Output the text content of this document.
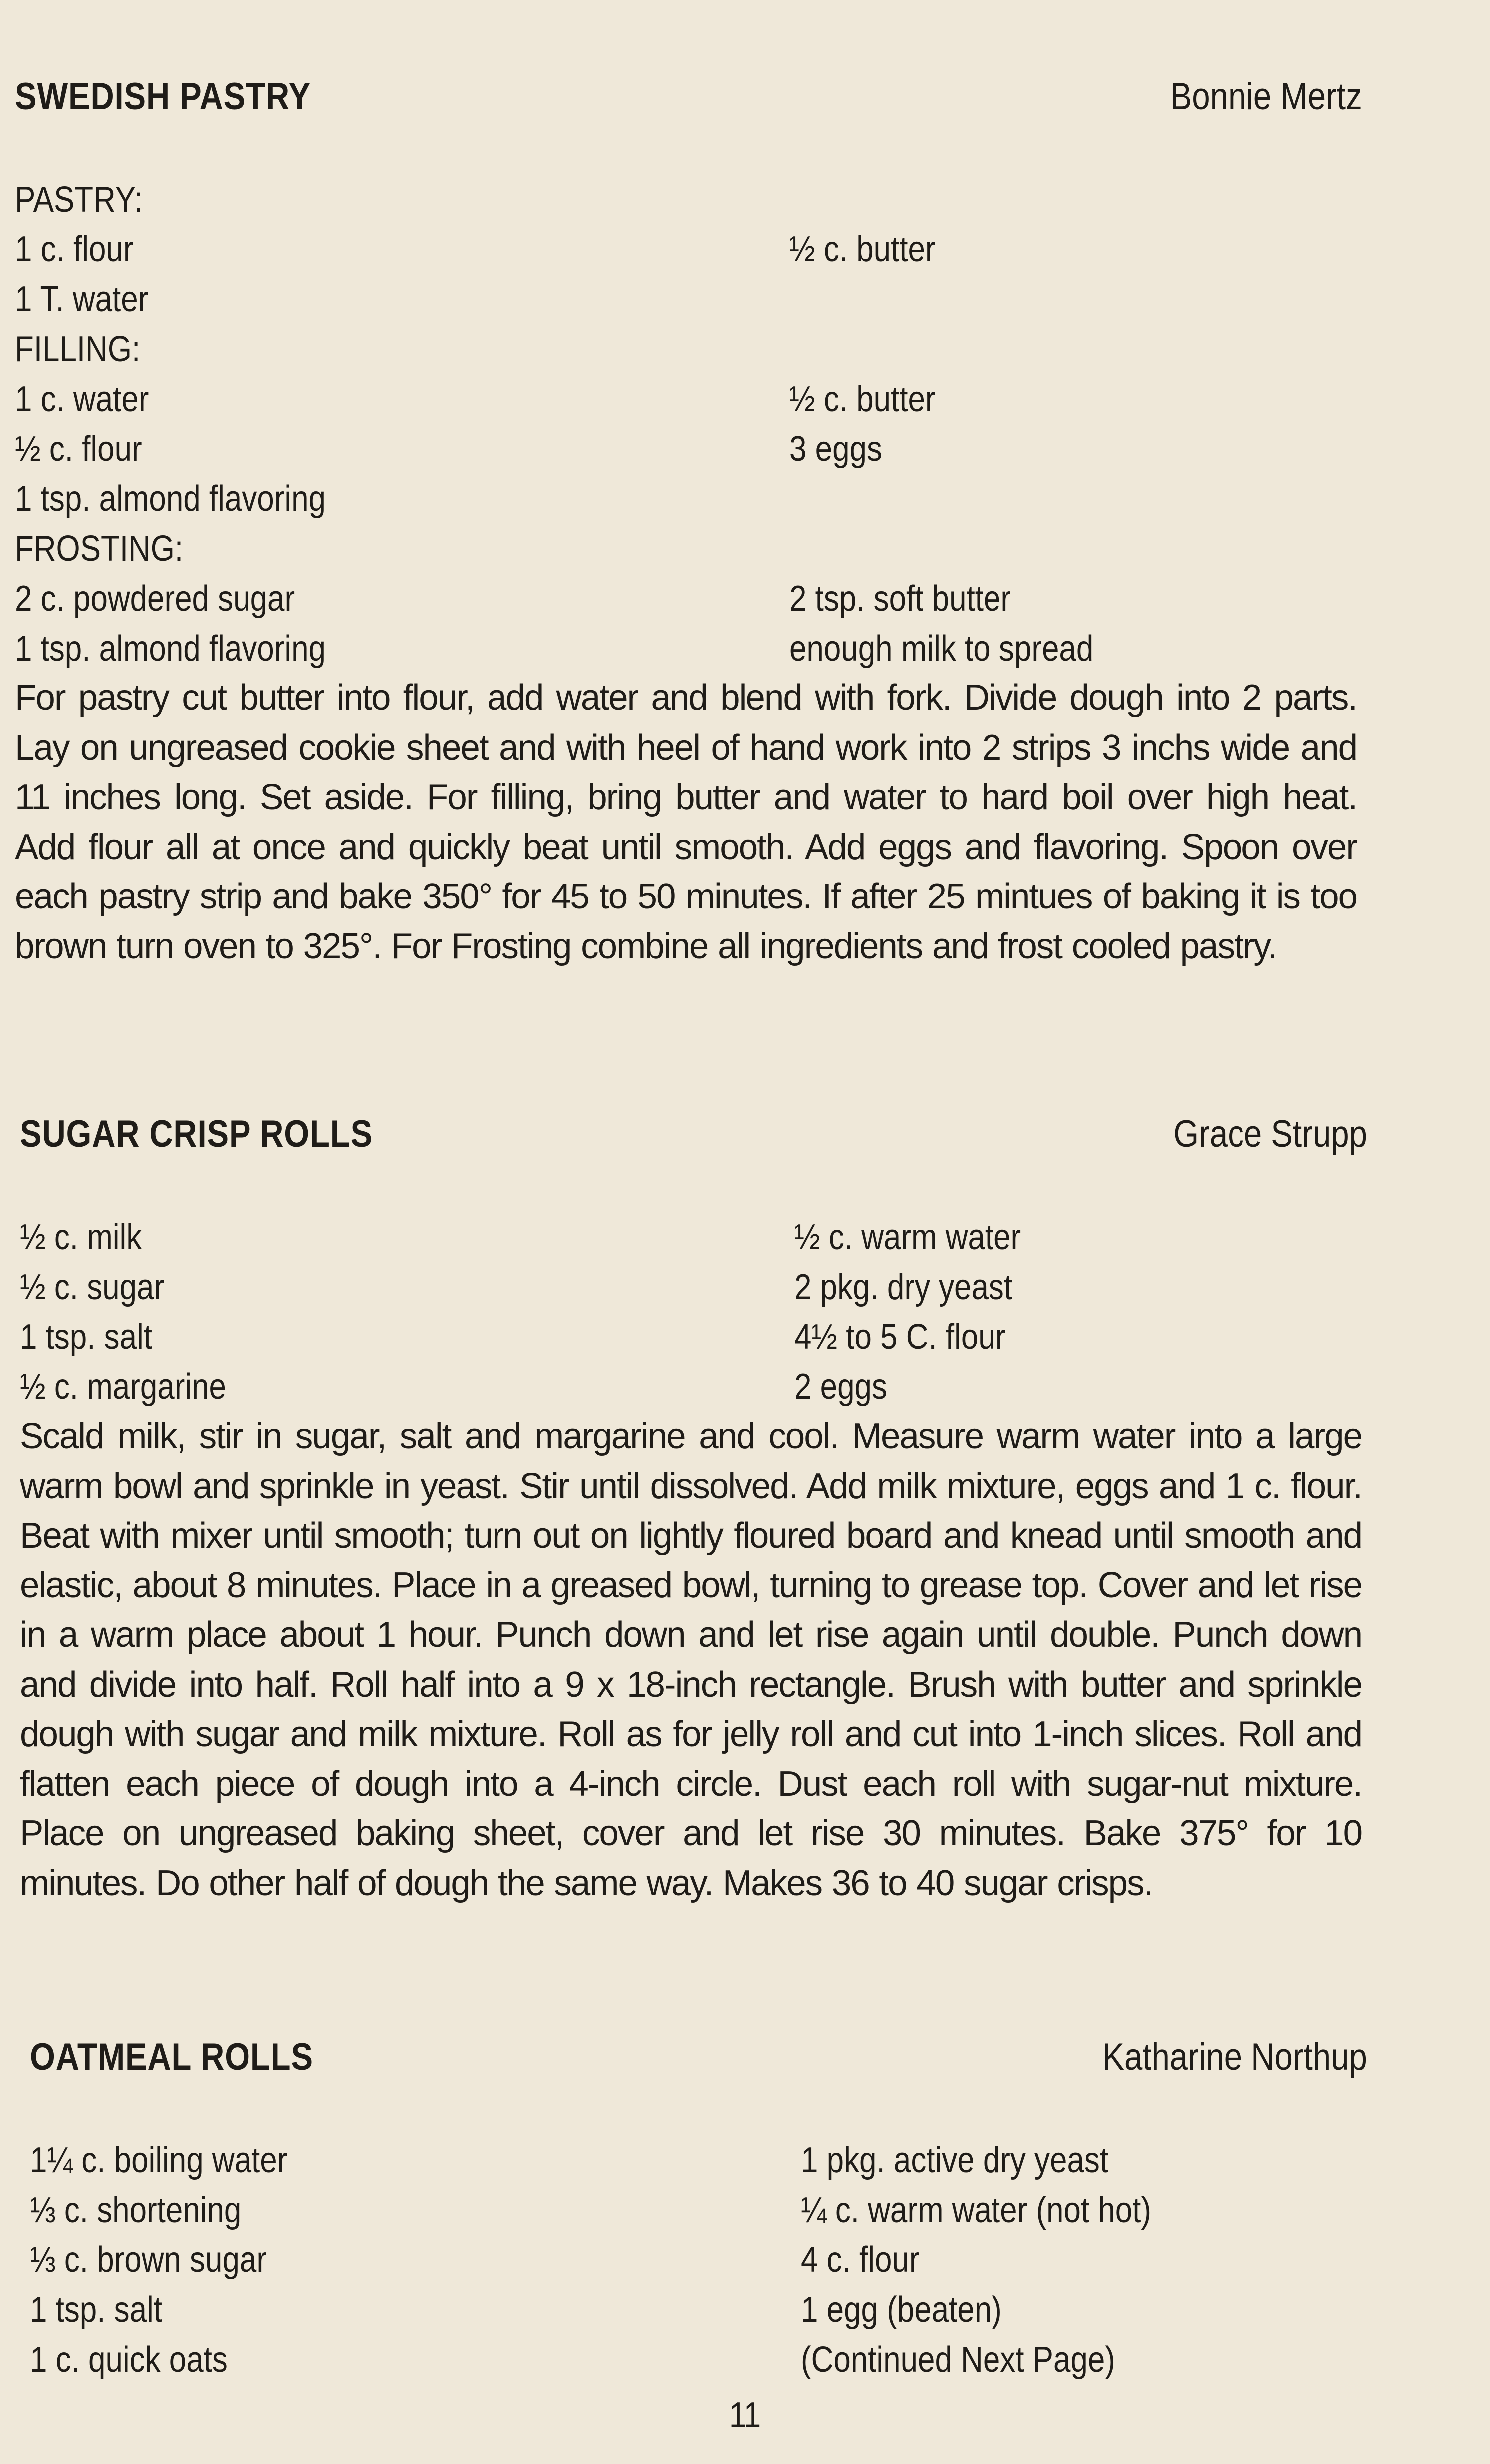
SWEDISH PASTRY	Bonnie Mertz
PASTRY:
1 c. flour	½ c. butter
1 T. water
FILLING:
1 c. water	½ c. butter
½ c. flour	3 eggs
1 tsp. almond flavoring
FROSTING:
2 c. powdered sugar	2 tsp. soft butter
1 tsp. almond flavoring	enough milk to spread
For pastry cut butter into flour, add water and blend with fork. Divide dough into 2 parts. Lay on ungreased cookie sheet and with heel of hand work into 2 strips 3 inchs wide and 11 inches long. Set aside. For filling, bring butter and water to hard boil over high heat. Add flour all at once and quickly beat until smooth. Add eggs and flavoring. Spoon over each pastry strip and bake 350° for 45 to 50 minutes. If after 25 mintues of baking it is too brown turn oven to 325°. For Frosting combine all ingredients and frost cooled pastry.
SUGAR CRISP ROLLS	Grace Strupp
½ c. milk	½ c. warm water
½ c. sugar	2 pkg. dry yeast
1 tsp. salt	4½ to 5 C. flour
½ c. margarine	2 eggs
Scald milk, stir in sugar, salt and margarine and cool. Measure warm water into a large warm bowl and sprinkle in yeast. Stir until dissolved. Add milk mixture, eggs and 1 c. flour. Beat with mixer until smooth; turn out on lightly floured board and knead until smooth and elastic, about 8 minutes. Place in a greased bowl, turning to grease top. Cover and let rise in a warm place about 1 hour. Punch down and let rise again until double. Punch down and divide into half. Roll half into a 9 x 18-inch rectangle. Brush with butter and sprinkle dough with sugar and milk mixture. Roll as for jelly roll and cut into 1-inch slices. Roll and flatten each piece of dough into a 4-inch circle. Dust each roll with sugar-nut mixture. Place on ungreased baking sheet, cover and let rise 30 minutes. Bake 375° for 10 minutes. Do other half of dough the same way. Makes 36 to 40 sugar crisps.
OATMEAL ROLLS	Katharine Northup
1¼ c. boiling water	1 pkg. active dry yeast
⅓ c. shortening	¼ c. warm water (not hot)
⅓ c. brown sugar	4 c. flour
1 tsp. salt	1 egg (beaten)
1 c. quick oats	(Continued Next Page)
11
